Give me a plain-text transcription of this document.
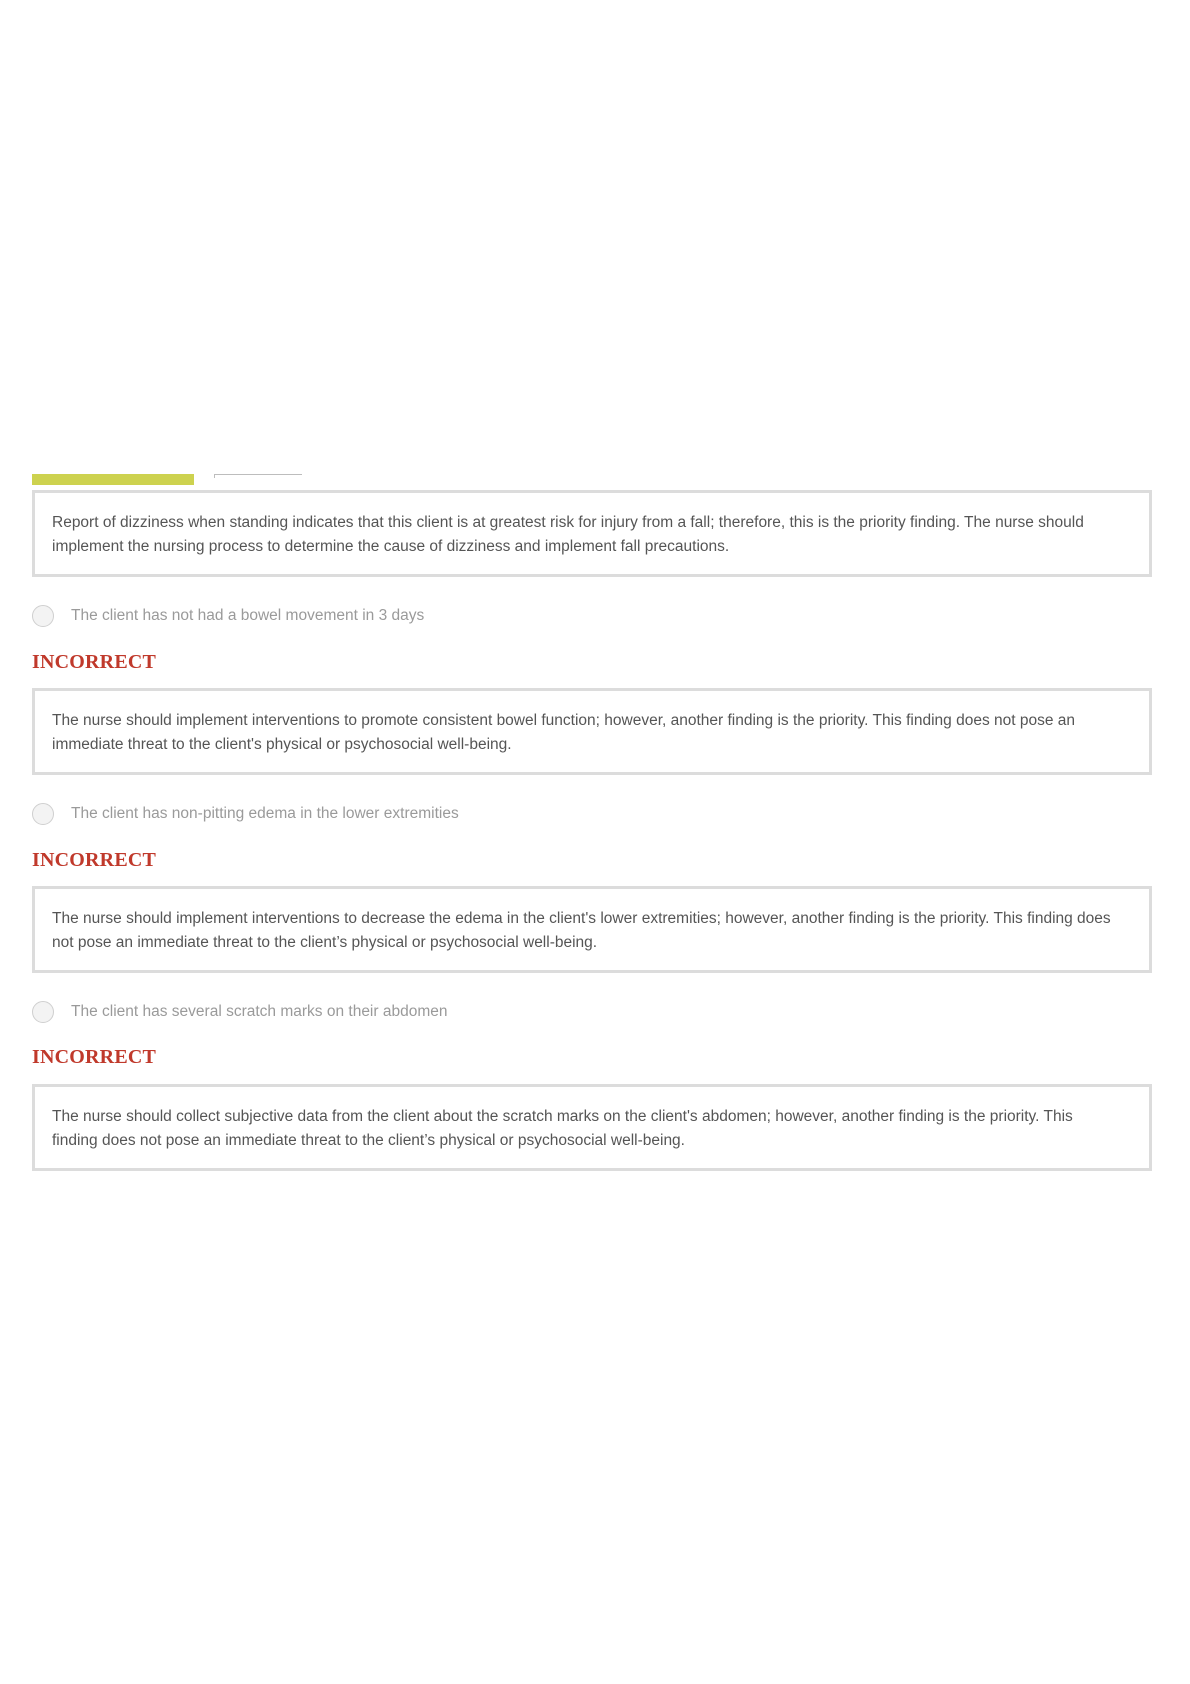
Report of dizziness when standing indicates that this client is at greatest risk for injury from a fall; therefore, this is the priority finding. The nurse should implement the nursing process to determine the cause of dizziness and implement fall precautions.
The client has not had a bowel movement in 3 days
INCORRECT
The nurse should implement interventions to promote consistent bowel function; however, another finding is the priority. This finding does not pose an immediate threat to the client's physical or psychosocial well-being.
The client has non-pitting edema in the lower extremities
INCORRECT
The nurse should implement interventions to decrease the edema in the client's lower extremities; however, another finding is the priority. This finding does not pose an immediate threat to the client’s physical or psychosocial well-being.
The client has several scratch marks on their abdomen
INCORRECT
The nurse should collect subjective data from the client about the scratch marks on the client's abdomen; however, another finding is the priority. This finding does not pose an immediate threat to the client’s physical or psychosocial well-being.
